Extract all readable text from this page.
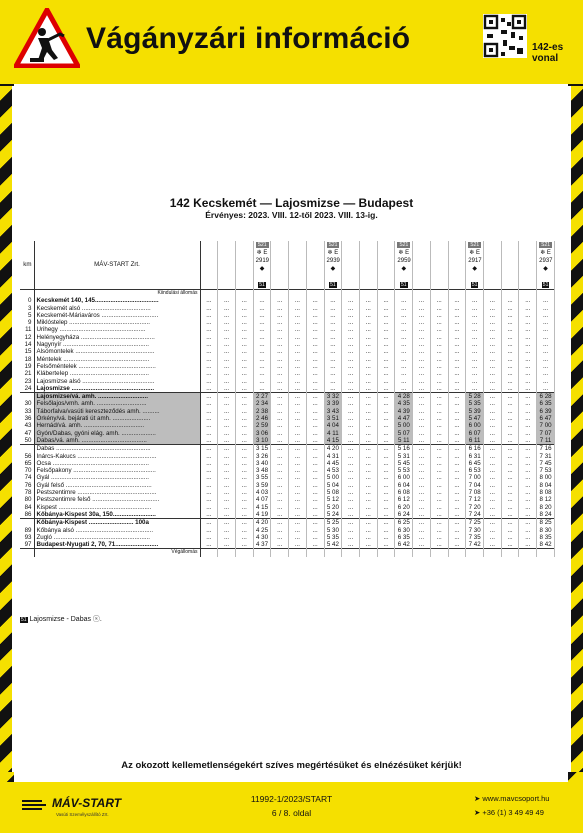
Vágányzári információ	142-es
vonal
142 Kecskemét — Lajosmizse — Budapest
Érvényes: 2023. VIII. 12-től 2023. VIII. 13-ig.
km	MÁV-START Zrt.				S21
❄ E
2919
◆

51				S21
❄ E
2939
◆

51				S21
❄ E
2959
◆

51				S21
❄ E
2917
◆

51				S21
❄ E
2937
◆

51
	Kiindulási állomás																				
0	Kecskemét 140, 145.....................................	...	...	...	...	...	...	...	...	...	...	...	...	...	...	...	...	...	...	...	...
3	Kecskemét alsó ........................................	...	...	...	...	...	...	...	...	...	...	...	...	...	...	...	...	...	...	...	...
5	Kecskemét-Máriaváros .................................	...	...	...	...	...	...	...	...	...	...	...	...	...	...	...	...	...	...	...	...
9	Miklóstelep ...............................................	...	...	...	...	...	...	...	...	...	...	...	...	...	...	...	...	...	...	...	...
11	Úrihegy ..................................................	...	...	...	...	...	...	...	...	...	...	...	...	...	...	...	...	...	...	...	...
12	Helényegyháza ...........................................	...	...	...	...	...	...	...	...	...	...	...	...	...	...	...	...	...	...	...	...
14	Nagynyír ..................................................	...	...	...	...	...	...	...	...	...	...	...	...	...	...	...	...	...	...	...	...
15	Alsómontelek ..............................................	...	...	...	...	...	...	...	...	...	...	...	...	...	...	...	...	...	...	...	...
18	Méntelek ..................................................	...	...	...	...	...	...	...	...	...	...	...	...	...	...	...	...	...	...	...	...
19	Felsőméntelek .............................................	...	...	...	...	...	...	...	...	...	...	...	...	...	...	...	...	...	...	...	...
21	KláberteIep ..............................................	...	...	...	...	...	...	...	...	...	...	...	...	...	...	...	...	...	...	...	...
23	Lajosmizse alsó ..........................................	...	...	...	...	...	...	...	...	...	...	...	...	...	...	...	...	...	...	...	...
24	Lajosmizse ................................................	...	...	...	...	...	...	...	...	...	...	...	...	...	...	...	...	...	...	...	...
	Lajosmizse/vá. amh. .............................	...	...	...	2 27	...	...	...	3 32	...	...	...	4 28	...	...	...	5 28	...	...	...	6 28
30	Felsőlajos/vmh. amh. .............................	...	...	...	2 34	...	...	...	3 39	...	...	...	4 35	...	...	...	5 35	...	...	...	6 35
33	Táborfalva/vasúti kereszteződés amh. ..........	...	...	...	2 38	...	...	...	3 43	...	...	...	4 39	...	...	...	5 39	...	...	...	6 39
36	Örkény/vá. bejárati út amh. ......................	...	...	...	2 46	...	...	...	3 51	...	...	...	4 47	...	...	...	5 47	...	...	...	6 47
43	Hernád/vá. amh. ...................................	...	...	...	2 59	...	...	...	4 04	...	...	...	5 00	...	...	...	6 00	...	...	...	7 00
47	Gyón/Dabas, gyóni elág. amh. ....................	...	...	...	3 06	...	...	...	4 11	...	...	...	5 07	...	...	...	6 07	...	...	...	7 07
50	Dabas/vá. amh. ......................................	...	...	...	3 10	...	...	...	4 15	...	...	...	5 11	...	...	...	6 11	...	...	...	7 11
	Dabas .......................................................	...	...	...	3 15	...	...	...	4 20	...	...	...	5 16	...	...	...	6 16	...	...	...	7 16
56	Inárcs-Kakucs ..............................................	...	...	...	3 26	...	...	...	4 31	...	...	...	5 31	...	...	...	6 31	...	...	...	7 31
65	Ócsa ........................................................	...	...	...	3 40	...	...	...	4 45	...	...	...	5 45	...	...	...	6 45	...	...	...	7 45
70	Felsőpakony ................................................	...	...	...	3 48	...	...	...	4 53	...	...	...	5 53	...	...	...	6 53	...	...	...	7 53
74	Gyál .........................................................	...	...	...	3 55	...	...	...	5 00	...	...	...	6 00	...	...	...	7 00	...	...	...	8 00
76	Gyál felső ..................................................	...	...	...	3 59	...	...	...	5 04	...	...	...	6 04	...	...	...	7 04	...	...	...	8 04
78	Pestszentimre ..............................................	...	...	...	4 03	...	...	...	5 08	...	...	...	6 08	...	...	...	7 08	...	...	...	8 08
80	Pestszentimre felső .......................................	...	...	...	4 07	...	...	...	5 12	...	...	...	6 12	...	...	...	7 12	...	...	...	8 12
84	Kispest ......................................................	...	...	...	4 15	...	...	...	5 20	...	...	...	6 20	...	...	...	7 20	...	...	...	8 20
86	Kőbánya-Kispest 30a, 150.........................	...	...	...	4 19	...	...	...	5 24	...	...	...	6 24	...	...	...	7 24	...	...	...	8 24
	Kőbánya-Kispest .......................... 100a	...	...	...	4 20	...	...	...	5 25	...	...	...	6 25	...	...	...	7 25	...	...	...	8 25
89	Kőbánya alsó .............................................	...	...	...	4 25	...	...	...	5 30	...	...	...	6 30	...	...	...	7 30	...	...	...	8 30
93	Zugló ........................................................	...	...	...	4 30	...	...	...	5 35	...	...	...	6 35	...	...	...	7 35	...	...	...	8 35
97	Budapest-Nyugati 2, 70, 71.........................	...	...	...	4 37	...	...	...	5 42	...	...	...	6 42	...	...	...	7 42	...	...	...	8 42
	Végállomás																				
51 Lajosmizse - Dabas ⓢ.
Az okozott kellemetlenségekért szíves megértésüket és elnézésüket kérjük!
MÁV-START
Vasúti Személyszállító Zrt.
11992-1/2023/START
6 / 8. oldal
➤ www.mavcsoport.hu
➤ +36 (1) 3 49 49 49
